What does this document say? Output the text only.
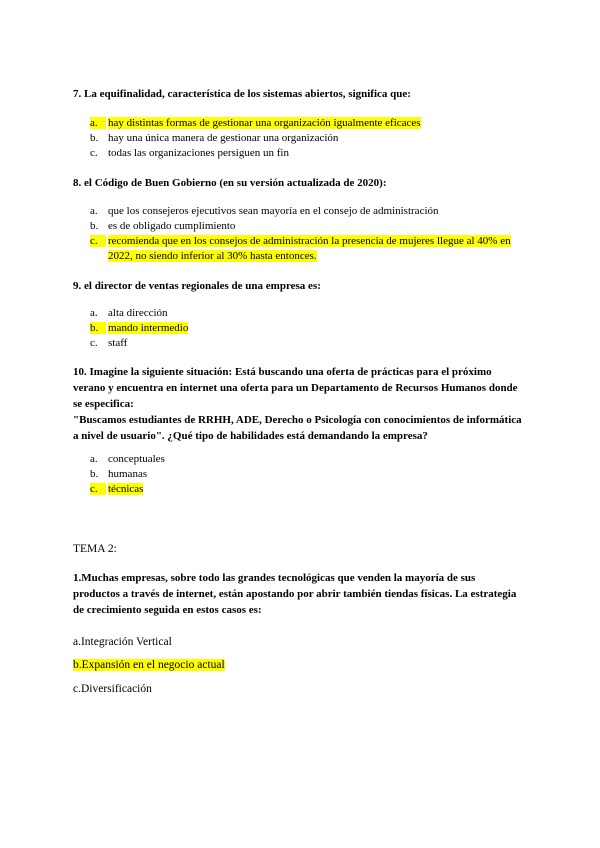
7. La equifinalidad, característica de los sistemas abiertos, significa que:
a. hay distintas formas de gestionar una organización igualmente eficaces
b. hay una única manera de gestionar una organización
c. todas las organizaciones persiguen un fin
8. el Código de Buen Gobierno (en su versión actualizada de 2020):
a. que los consejeros ejecutivos sean mayoría en el consejo de administración
b. es de obligado cumplimiento
c. recomienda que en los consejos de administración la presencia de mujeres llegue al 40% en
2022, no siendo inferior al 30% hasta entonces.
9. el director de ventas regionales de una empresa es:
a. alta dirección
b. mando intermedio
c. staff
10. Imagine la siguiente situación: Está buscando una oferta de prácticas para el próximo
verano y encuentra en internet una oferta para un Departamento de Recursos Humanos donde
se especifica:
"Buscamos estudiantes de RRHH, ADE, Derecho o Psicología con conocimientos de informática
a nivel de usuario". ¿Qué tipo de habilidades está demandando la empresa?
a. conceptuales
b. humanas
c. técnicas
TEMA 2:
1.Muchas empresas, sobre todo las grandes tecnológicas que venden la mayoría de sus
productos a través de internet, están apostando por abrir también tiendas físicas. La estrategia
de crecimiento seguida en estos casos es:
a.Integración Vertical
b.Expansión en el negocio actual
c.Diversificación
